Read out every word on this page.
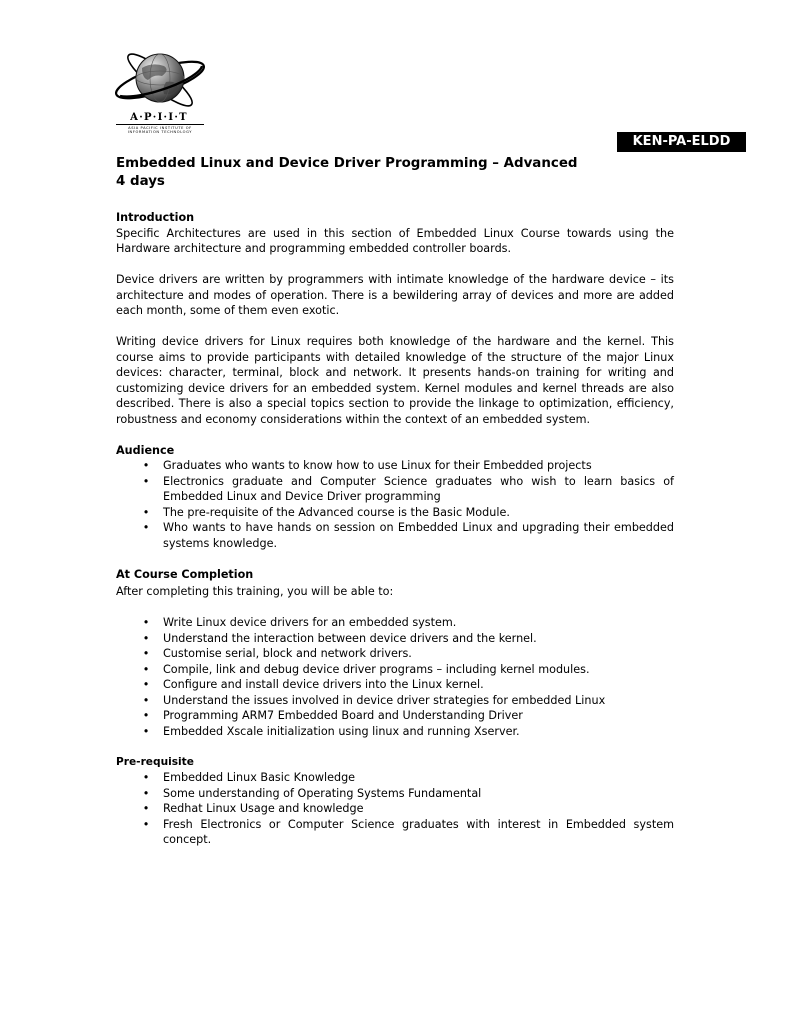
A·P·I·I·T
ASIA PACIFIC INSTITUTE OF
INFORMATION TECHNOLOGY
KEN-PA-ELDD

Embedded Linux and Device Driver Programming – Advanced

4 days

Introduction

Specific Architectures are used in this section of Embedded Linux Course towards using the Hardware architecture and programming embedded controller boards.

Device drivers are written by programmers with intimate knowledge of the hardware device – its architecture and modes of operation. There is a bewildering array of devices and more are added each month, some of them even exotic.

Writing device drivers for Linux requires both knowledge of the hardware and the kernel. This course aims to provide participants with detailed knowledge of the structure of the major Linux devices: character, terminal, block and network. It presents hands-on training for writing and customizing device drivers for an embedded system. Kernel modules and kernel threads are also described. There is also a special topics section to provide the linkage to optimization, efficiency, robustness and economy considerations within the context of an embedded system.

Audience

• Graduates who wants to know how to use Linux for their Embedded projects
• Electronics graduate and Computer Science graduates who wish to learn basics of Embedded Linux and Device Driver programming
• The pre-requisite of the Advanced course is the Basic Module.
• Who wants to have hands on session on Embedded Linux and upgrading their embedded systems knowledge.

At Course Completion

After completing this training, you will be able to:

• Write Linux device drivers for an embedded system.
• Understand the interaction between device drivers and the kernel.
• Customise serial, block and network drivers.
• Compile, link and debug device driver programs – including kernel modules.
• Configure and install device drivers into the Linux kernel.
• Understand the issues involved in device driver strategies for embedded Linux
• Programming ARM7 Embedded Board and Understanding Driver
• Embedded Xscale initialization using linux and running Xserver.

Pre-requisite

• Embedded Linux Basic Knowledge
• Some understanding of Operating Systems Fundamental
• Redhat Linux Usage and knowledge
• Fresh Electronics or Computer Science graduates with interest in Embedded system concept.
